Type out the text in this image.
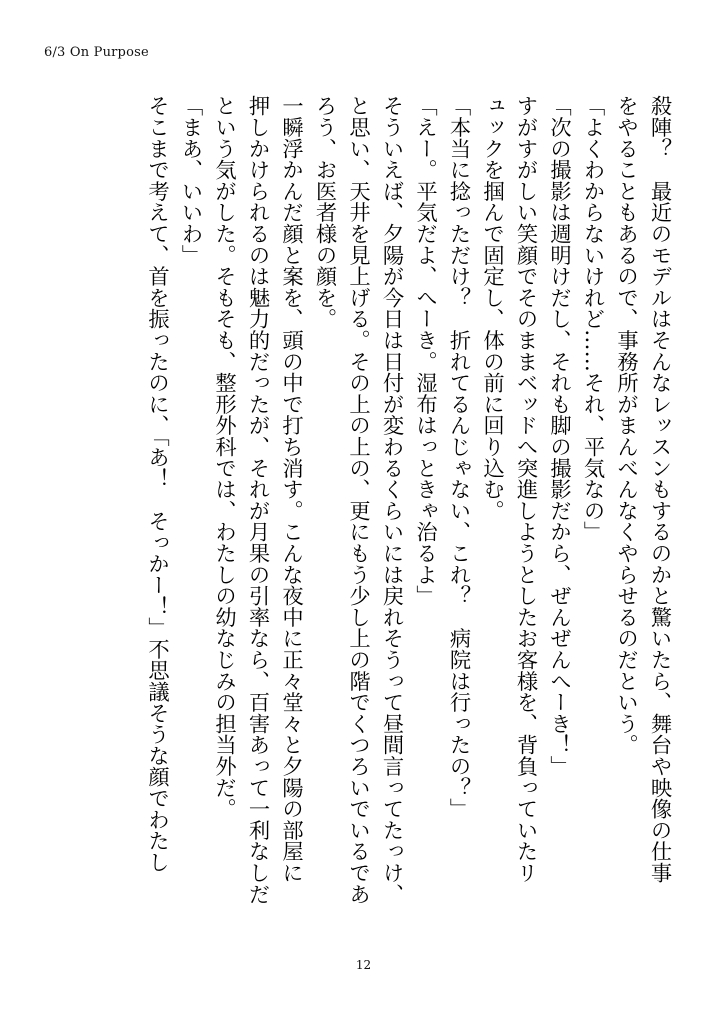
6/3 On Purpose

殺陣？　最近のモデルはそんなレッスンもするのかと驚いたら、舞台や映像の仕事

をやることもあるので、事務所がまんべんなくやらせるのだという。

「よくわからないけれど……それ、平気なの」

「次の撮影は週明けだし、それも脚の撮影だから、ぜんぜんへーき！」

すがすがしい笑顔でそのままベッドへ突進しようとしたお客様を、背負っていたリ

ュックを掴んで固定し、体の前に回り込む。

「本当に捻っただけ？　折れてるんじゃない、これ？　病院は行ったの？」

「えー。平気だよ、へーき。湿布はっときゃ治るよ」

そういえば、夕陽が今日は日付が変わるくらいには戻れそうって昼間言ってたっけ、

と思い、天井を見上げる。その上の上の、更にもう少し上の階でくつろいでいるであ

ろう、お医者様の顔を。

一瞬浮かんだ顔と案を、頭の中で打ち消す。こんな夜中に正々堂々と夕陽の部屋に

押しかけられるのは魅力的だったが、それが月果の引率なら、百害あって一利なしだ

という気がした。そもそも、整形外科では、わたしの幼なじみの担当外だ。

「まあ、いいわ」

そこまで考えて、首を振ったのに、「あ！　そっかー！」不思議そうな顔でわたし

12
